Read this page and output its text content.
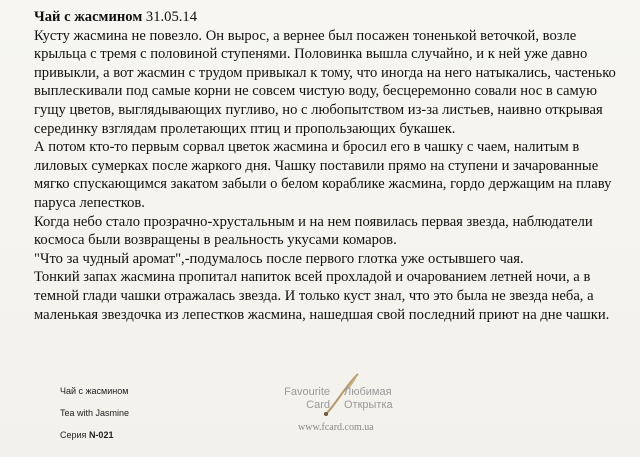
Чай с жасмином 31.05.14

Кусту жасмина не повезло. Он вырос, а вернее был посажен тоненькой веточкой, возле крыльца с тремя с половиной ступенями. Половинка вышла случайно, и к ней уже давно привыкли, а вот жасмин с трудом привыкал к тому, что иногда на него натыкались, частенько выплескивали под самые корни не совсем чистую воду, бесцеремонно совали нос в самую гущу цветов, выглядывающих пугливо, но с любопытством из-за листьев, наивно открывая серединку взглядам пролетающих птиц и пропользающих букашек.

А потом кто-то первым сорвал цветок жасмина и бросил его в чашку с чаем, налитым в лиловых сумерках после жаркого дня. Чашку поставили прямо на ступени и зачарованные мягко спускающимся закатом забыли о белом кораблике жасмина, гордо держащим на плаву паруса лепестков.

Когда небо стало прозрачно-хрустальным и на нем появилась первая звезда, наблюдатели космоса были возвращены в реальность укусами комаров.

"Что за чудный аромат",-подумалось после первого глотка уже остывшего чая.

Тонкий запах жасмина пропитал напиток всей прохладой и очарованием летней ночи, а в темной глади чашки отражалась звезда. И только куст знал, что это была не звезда неба, а маленькая звездочка из лепестков жасмина, нашедшая свой последний приют на дне чашки.

Чай с жасмином
Tea with Jasmine
Серия N-021
Favourite
Card
Любимая
Открытка
www.fcard.com.ua
